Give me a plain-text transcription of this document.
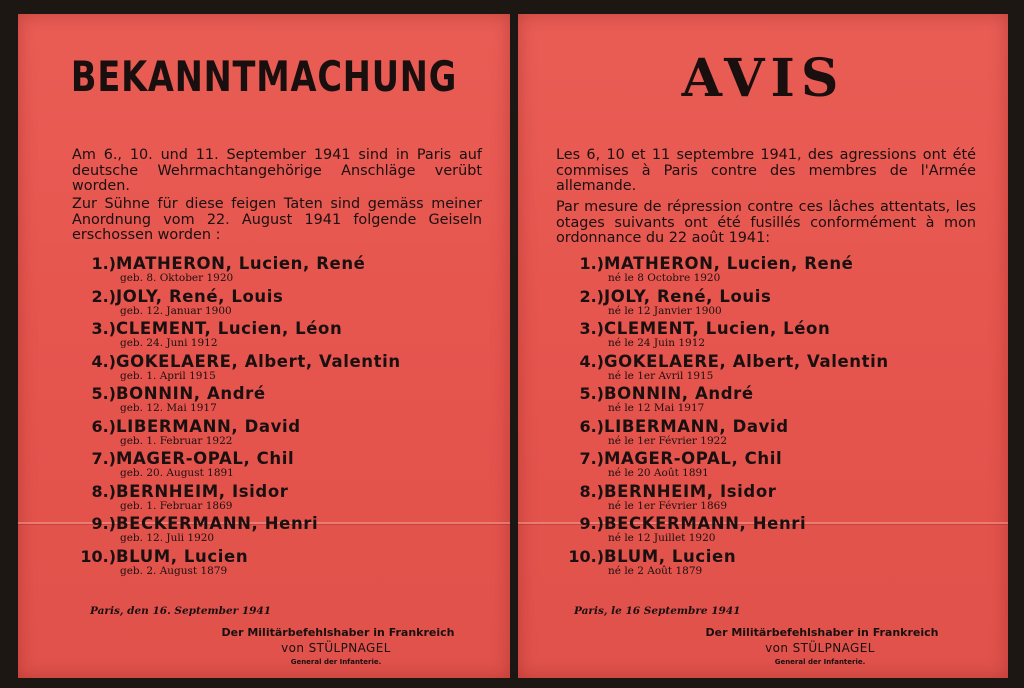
BEKANNTMACHUNG

Am 6., 10. und 11. September 1941 sind in Paris auf deutsche Wehrmachtangehörige Anschläge verübt worden.

Zur Sühne für diese feigen Taten sind gemäss meiner Anordnung vom 22. August 1941 folgende Geiseln erschossen worden :

1.) MATHERON, Lucien, René
geb. 8. Oktober 1920
2.) JOLY, René, Louis
geb. 12. Januar 1900
3.) CLEMENT, Lucien, Léon
geb. 24. Juni 1912
4.) GOKELAERE, Albert, Valentin
geb. 1. April 1915
5.) BONNIN, André
geb. 12. Mai 1917
6.) LIBERMANN, David
geb. 1. Februar 1922
7.) MAGER-OPAL, Chil
geb. 20. August 1891
8.) BERNHEIM, Isidor
geb. 1. Februar 1869
9.) BECKERMANN, Henri
geb. 12. Juli 1920
10.) BLUM, Lucien
geb. 2. August 1879
Paris, den 16. September 1941
Der Militärbefehlshaber in Frankreich
von STÜLPNAGEL
General der Infanterie.
AVIS

Les 6, 10 et 11 septembre 1941, des agressions ont été commises à Paris contre des membres de l'Armée allemande.

Par mesure de répression contre ces lâches attentats, les otages suivants ont été fusillés conformément à mon ordonnance du 22 août 1941:

1.) MATHERON, Lucien, René
né le 8 Octobre 1920
2.) JOLY, René, Louis
né le 12 Janvier 1900
3.) CLEMENT, Lucien, Léon
né le 24 Juin 1912
4.) GOKELAERE, Albert, Valentin
né le 1er Avril 1915
5.) BONNIN, André
né le 12 Mai 1917
6.) LIBERMANN, David
né le 1er Février 1922
7.) MAGER-OPAL, Chil
né le 20 Août 1891
8.) BERNHEIM, Isidor
né le 1er Février 1869
9.) BECKERMANN, Henri
né le 12 Juillet 1920
10.) BLUM, Lucien
né le 2 Août 1879
Paris, le 16 Septembre 1941
Der Militärbefehlshaber in Frankreich
von STÜLPNAGEL
General der Infanterie.
